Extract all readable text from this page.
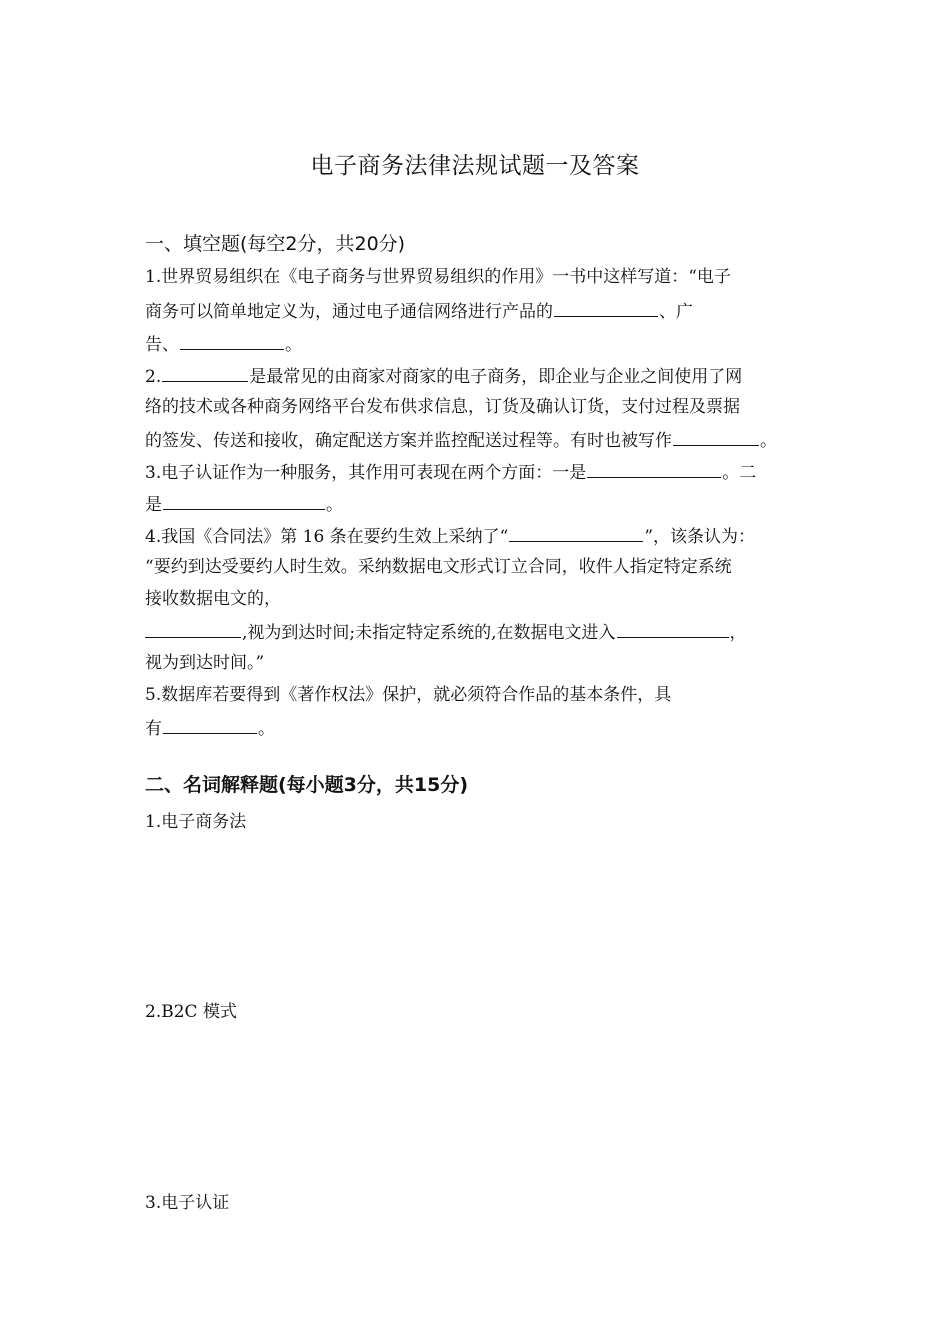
电子商务法律法规试题一及答案
一、填空题(每空2分，共20分)
1.世界贸易组织在《电子商务与世界贸易组织的作用》一书中这样写道：“电子
商务可以简单地定义为，通过电子通信网络进行产品的	、广
告、	。
2.	是最常见的由商家对商家的电子商务，即企业与企业之间使用了网
络的技术或各种商务网络平台发布供求信息，订货及确认订货，支付过程及票据
的签发、传送和接收，确定配送方案并监控配送过程等。有时也被写作	。
3.电子认证作为一种服务，其作用可表现在两个方面：一是	。二
是	。
4.我国《合同法》第 16 条在要约生效上采纳了“	”，该条认为：
“要约到达受要约人时生效。采纳数据电文形式订立合同，收件人指定特定系统
接收数据电文的，
,视为到达时间;未指定特定系统的,在数据电文进入	，
视为到达时间。”
5.数据库若要得到《著作权法》保护，就必须符合作品的基本条件，具
有	。
二、名词解释题(每小题3分，共15分)
1.电子商务法
2.B2C 模式
3.电子认证
